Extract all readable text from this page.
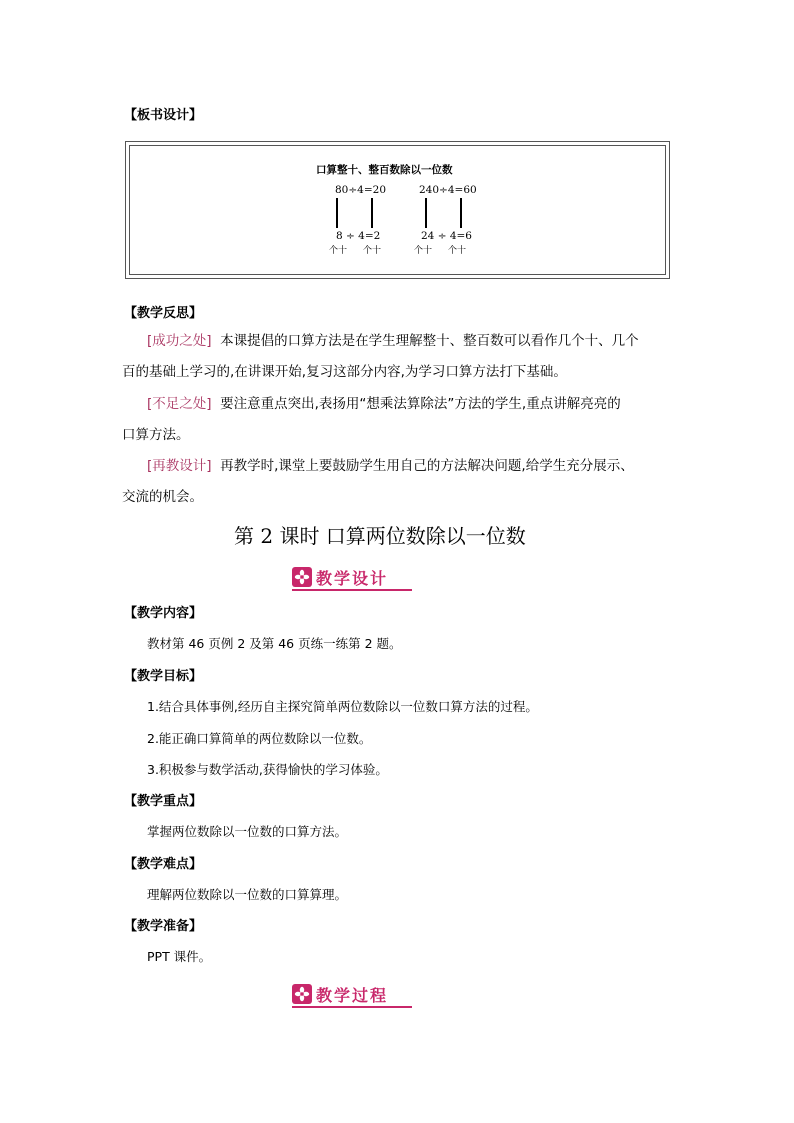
【板书设计】
口算整十、整百数除以一位数
80÷4=20
8 ÷ 4=2
个十 个十
240÷4=60
24 ÷ 4=6
个十 个十
【教学反思】
[成功之处] 本课提倡的口算方法是在学生理解整十、整百数可以看作几个十、几个
百的基础上学习的,在讲课开始,复习这部分内容,为学习口算方法打下基础。
[不足之处] 要注意重点突出,表扬用“想乘法算除法”方法的学生,重点讲解亮亮的
口算方法。
[再教设计] 再教学时,课堂上要鼓励学生用自己的方法解决问题,给学生充分展示、
交流的机会。
第 2 课时 口算两位数除以一位数
教学设计
【教学内容】
教材第 46 页例 2 及第 46 页练一练第 2 题。
【教学目标】
1.结合具体事例,经历自主探究简单两位数除以一位数口算方法的过程。
2.能正确口算简单的两位数除以一位数。
3.积极参与数学活动,获得愉快的学习体验。
【教学重点】
掌握两位数除以一位数的口算方法。
【教学难点】
理解两位数除以一位数的口算算理。
【教学准备】
PPT 课件。
教学过程
